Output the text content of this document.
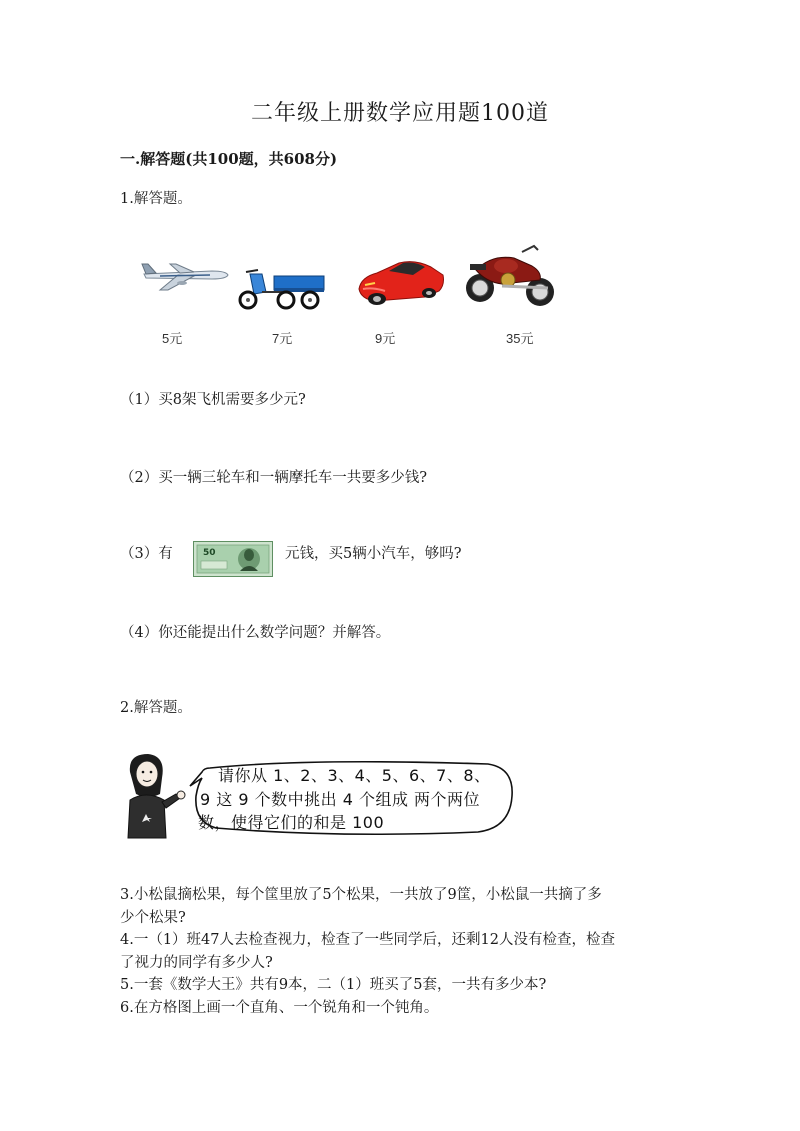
二年级上册数学应用题100道
一.解答题(共100题，共608分)
1.解答题。
5元	7元	9元	35元
（1）买8架飞机需要多少元?
（2）买一辆三轮车和一辆摩托车一共要多少钱?
（3）有	50	元钱，买5辆小汽车，够吗?
（4）你还能提出什么数学问题？并解答。
2.解答题。
请你从 1、2、3、4、5、6、7、8、
9 这 9 个数中挑出 4 个组成 两个两位
数，使得它们的和是 100
3.小松鼠摘松果，每个筐里放了5个松果，一共放了9筐，小松鼠一共摘了多
少个松果?
4.一（1）班47人去检查视力，检查了一些同学后，还剩12人没有检查，检查
了视力的同学有多少人?
5.一套《数学大王》共有9本，二（1）班买了5套，一共有多少本?
6.在方格图上画一个直角、一个锐角和一个钝角。
